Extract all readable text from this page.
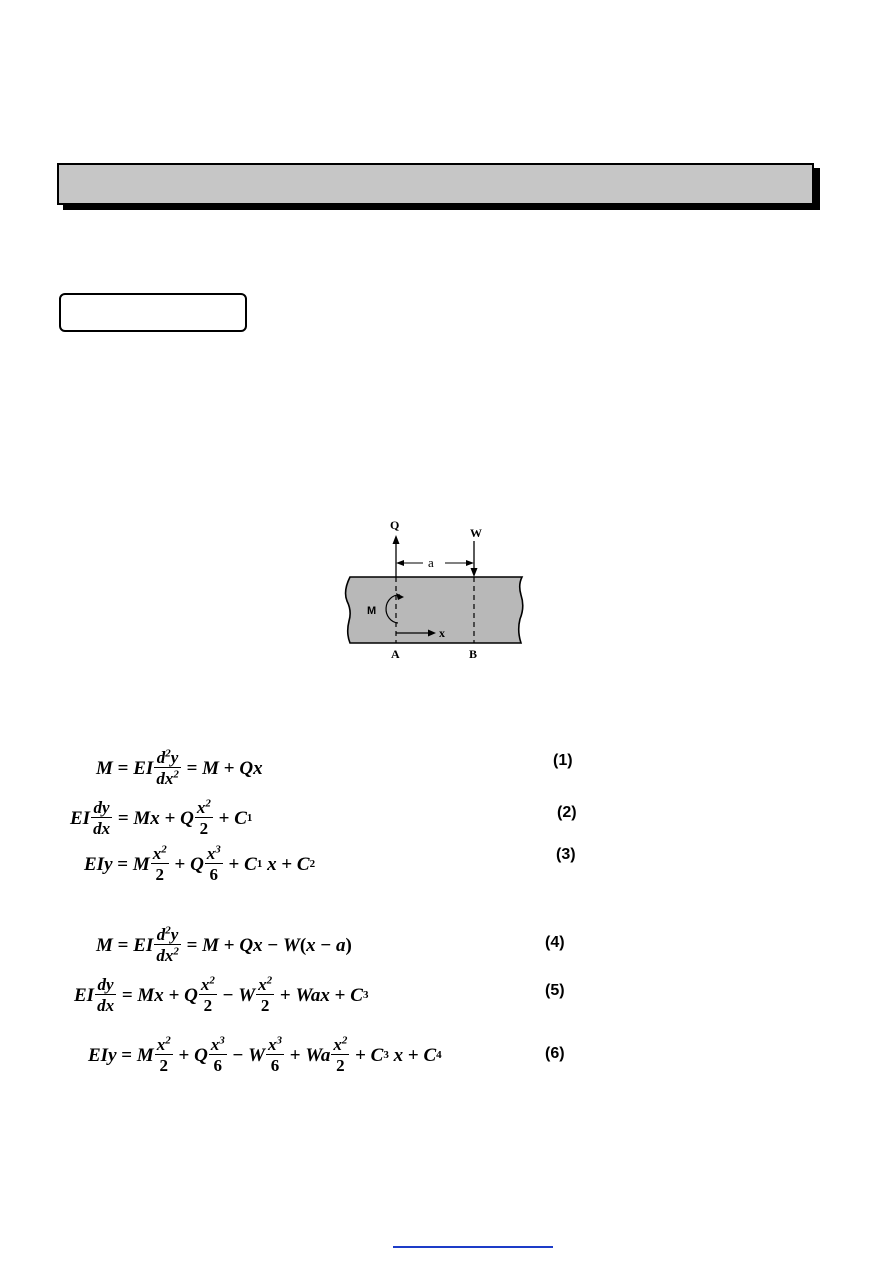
Q
W
a
M
x
A	B
M = EI $\frac{d^2y}{dx^2}$
= M + Qx
EI $\frac{dy}{dx}$
= Mx + Q $\frac{x^2}{2}$
+ C 1
EIy = M $\frac{x^2}{2}$
+ Q $\frac{x^3}{6}$
+ C 1 x + C 2
M = EI $\frac{d^2y}{dx^2}$
= M + Qx − W ( x − a )
EI $\frac{dy}{dx}$
= Mx + Q $\frac{x^2}{2}$
− W $\frac{x^2}{2}$
+ Wax + C 3
EIy = M $\frac{x^2}{2}$
+ Q $\frac{x^3}{6}$
− W $\frac{x^3}{6}$
+ Wa $\frac{x^2}{2}$
+ C 3 x + C 4
(1)
(2)
(3)
(4)
(5)
(6)
